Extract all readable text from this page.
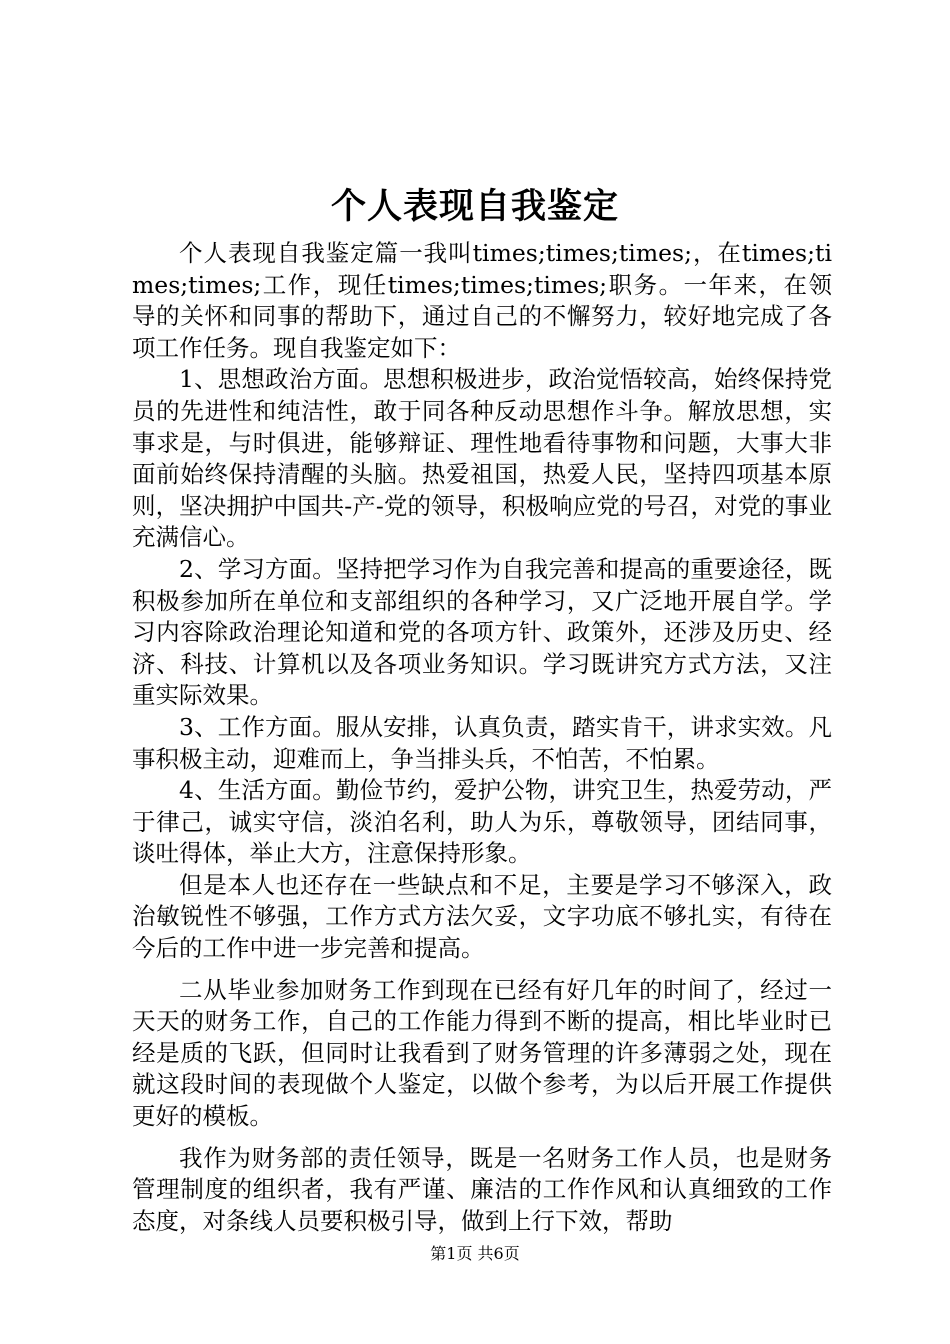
个人表现自我鉴定

个人表现自我鉴定篇一我叫times;times;times;，在times;times;times;工作，现任times;times;times;职务。一年来，在领导的关怀和同事的帮助下，通过自己的不懈努力，较好地完成了各项工作任务。现自我鉴定如下：

1、思想政治方面。思想积极进步，政治觉悟较高，始终保持党员的先进性和纯洁性，敢于同各种反动思想作斗争。解放思想，实事求是，与时俱进，能够辩证、理性地看待事物和问题，大事大非面前始终保持清醒的头脑。热爱祖国，热爱人民，坚持四项基本原则，坚决拥护中国共-产-党的领导，积极响应党的号召，对党的事业充满信心。

2、学习方面。坚持把学习作为自我完善和提高的重要途径，既积极参加所在单位和支部组织的各种学习，又广泛地开展自学。学习内容除政治理论知道和党的各项方针、政策外，还涉及历史、经济、科技、计算机以及各项业务知识。学习既讲究方式方法，又注重实际效果。

3、工作方面。服从安排，认真负责，踏实肯干，讲求实效。凡事积极主动，迎难而上，争当排头兵，不怕苦，不怕累。

4、生活方面。勤俭节约，爱护公物，讲究卫生，热爱劳动，严于律己，诚实守信，淡泊名利，助人为乐，尊敬领导，团结同事，谈吐得体，举止大方，注意保持形象。

但是本人也还存在一些缺点和不足，主要是学习不够深入，政治敏锐性不够强，工作方式方法欠妥，文字功底不够扎实，有待在今后的工作中进一步完善和提高。

二从毕业参加财务工作到现在已经有好几年的时间了，经过一天天的财务工作，自己的工作能力得到不断的提高，相比毕业时已经是质的飞跃，但同时让我看到了财务管理的许多薄弱之处，现在就这段时间的表现做个人鉴定，以做个参考，为以后开展工作提供更好的模板。

我作为财务部的责任领导，既是一名财务工作人员，也是财务管理制度的组织者，我有严谨、廉洁的工作作风和认真细致的工作态度，对条线人员要积极引导，做到上行下效，帮助

第1页 共6页
